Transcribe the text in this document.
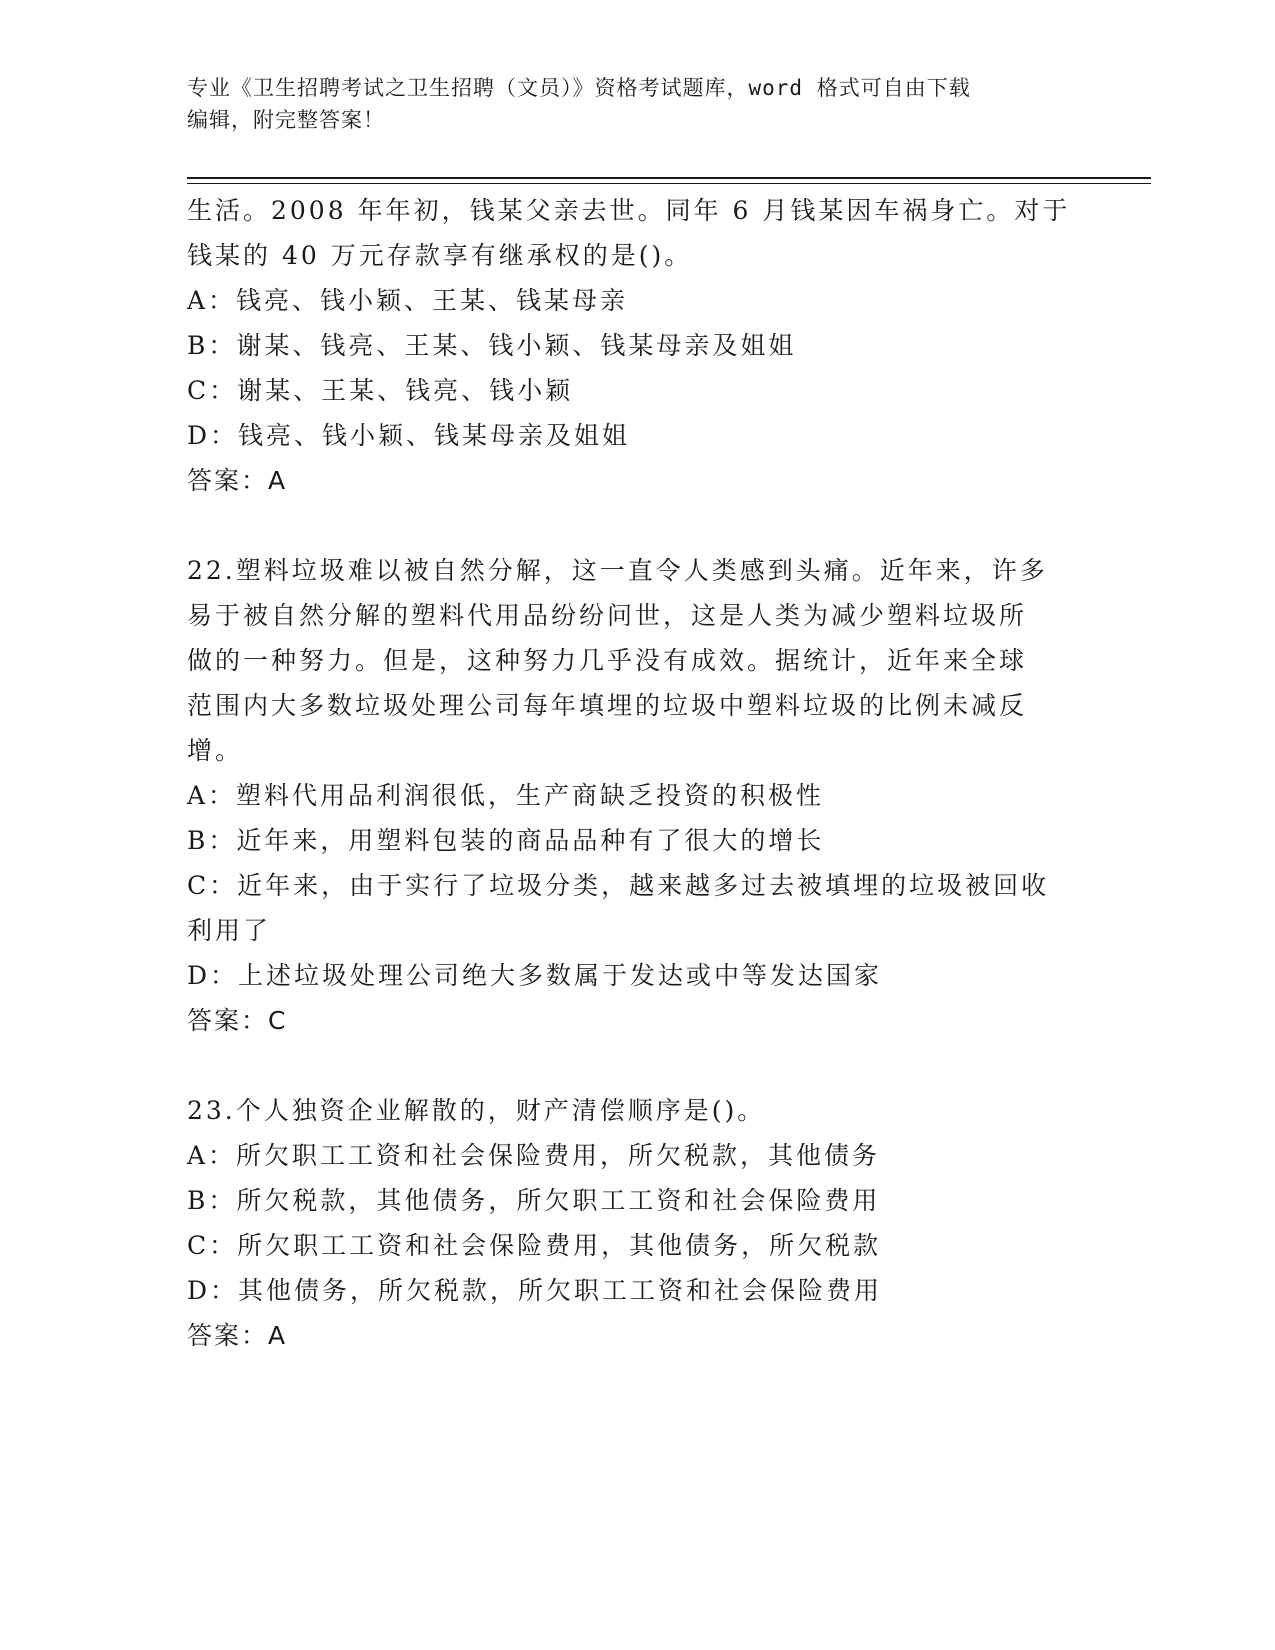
专业《卫生招聘考试之卫生招聘（文员）》资格考试题库，word 格式可自由下载
编辑，附完整答案！
生活。2008 年年初，钱某父亲去世。同年 6 月钱某因车祸身亡。对于
钱某的 40 万元存款享有继承权的是()。
A：钱亮、钱小颖、王某、钱某母亲
B：谢某、钱亮、王某、钱小颖、钱某母亲及姐姐
C：谢某、王某、钱亮、钱小颖
D：钱亮、钱小颖、钱某母亲及姐姐
答案：A
22.塑料垃圾难以被自然分解，这一直令人类感到头痛。近年来，许多
易于被自然分解的塑料代用品纷纷问世，这是人类为减少塑料垃圾所
做的一种努力。但是，这种努力几乎没有成效。据统计，近年来全球
范围内大多数垃圾处理公司每年填埋的垃圾中塑料垃圾的比例未减反
增。
A：塑料代用品利润很低，生产商缺乏投资的积极性
B：近年来，用塑料包装的商品品种有了很大的增长
C：近年来，由于实行了垃圾分类，越来越多过去被填埋的垃圾被回收
利用了
D：上述垃圾处理公司绝大多数属于发达或中等发达国家
答案：C
23.个人独资企业解散的，财产清偿顺序是()。
A：所欠职工工资和社会保险费用，所欠税款，其他债务
B：所欠税款，其他债务，所欠职工工资和社会保险费用
C：所欠职工工资和社会保险费用，其他债务，所欠税款
D：其他债务，所欠税款，所欠职工工资和社会保险费用
答案：A
